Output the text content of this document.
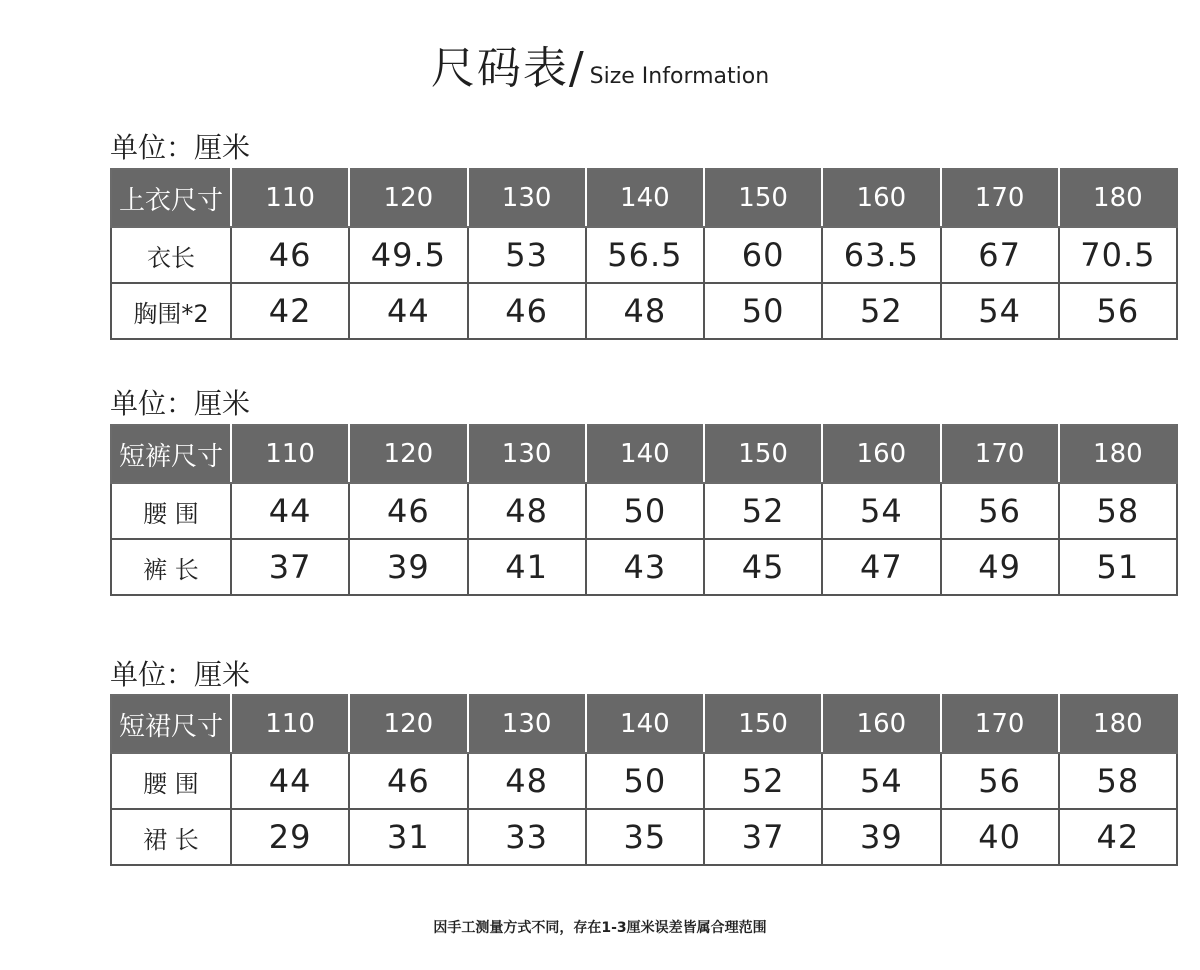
尺码表/ Size Information
单位：厘米
上衣尺寸	110	120	130	140	150	160	170	180
衣长	46	49.5	53	56.5	60	63.5	67	70.5
胸围*2	42	44	46	48	50	52	54	56
单位：厘米
短裤尺寸	110	120	130	140	150	160	170	180
腰 围	44	46	48	50	52	54	56	58
裤 长	37	39	41	43	45	47	49	51
单位：厘米
短裙尺寸	110	120	130	140	150	160	170	180
腰 围	44	46	48	50	52	54	56	58
裙 长	29	31	33	35	37	39	40	42
因手工测量方式不同，存在1-3厘米误差皆属合理范围
